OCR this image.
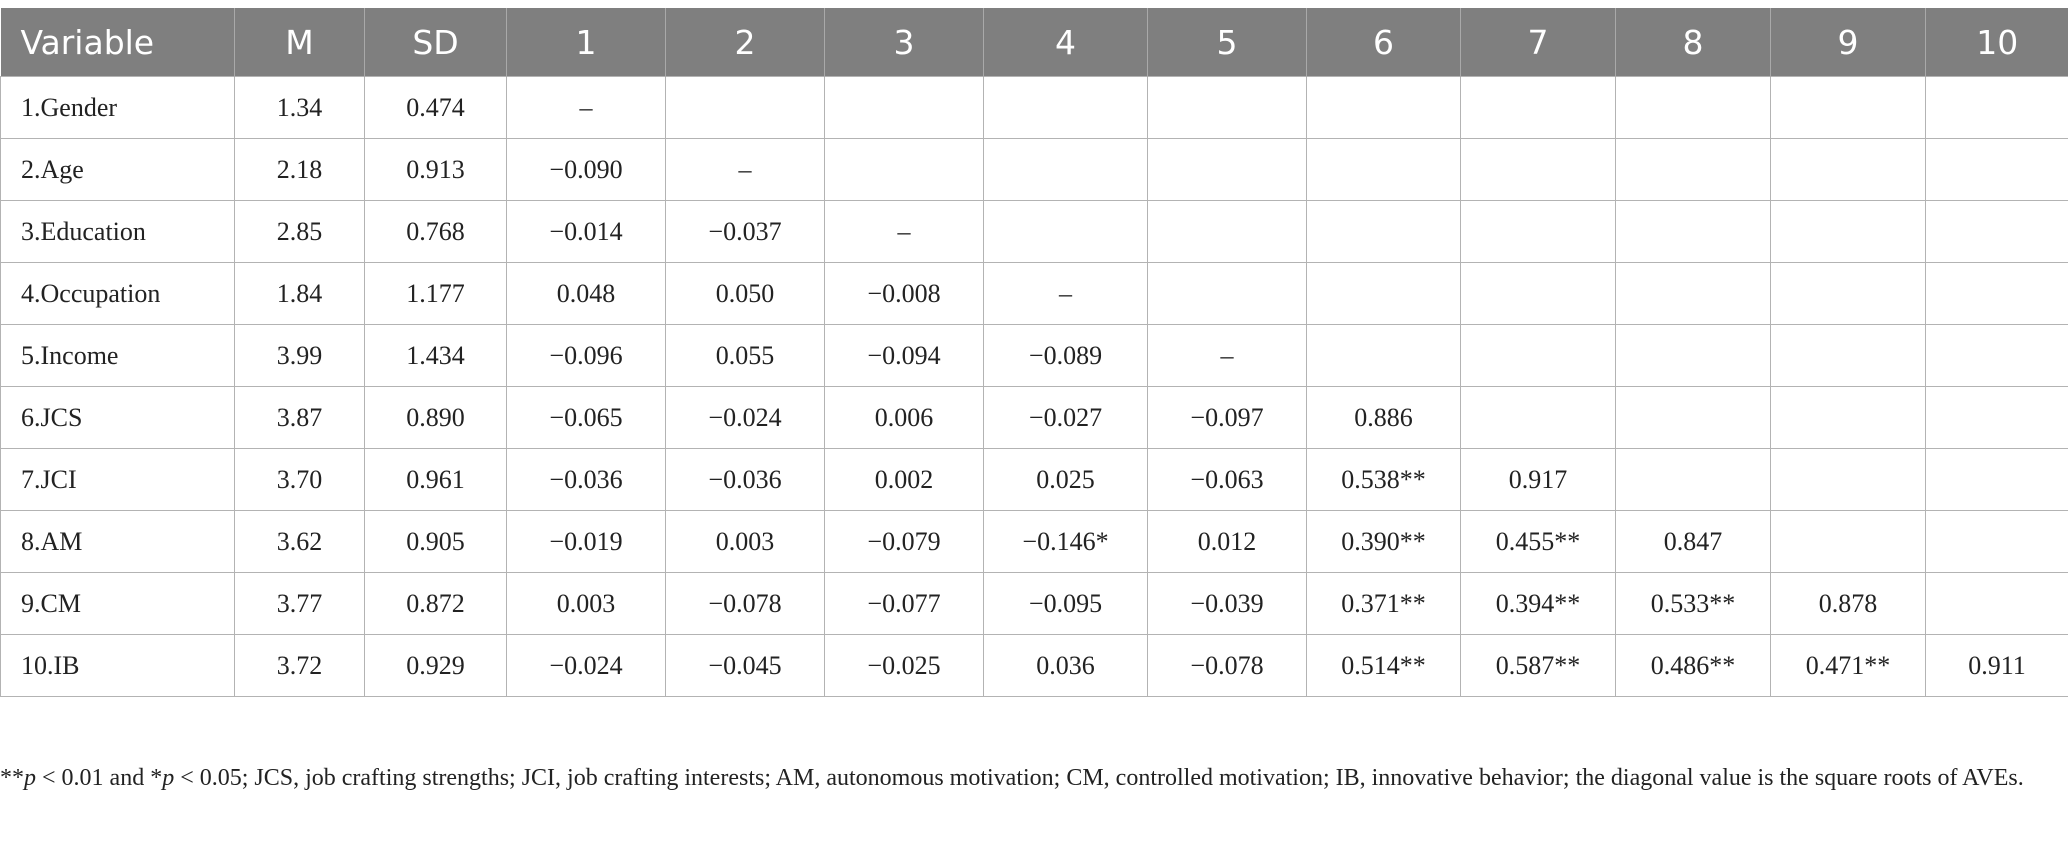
Variable	M	SD	1	2	3	4	5	6	7	8	9	10
1.Gender	1.34	0.474	–									
2.Age	2.18	0.913	−0.090	–								
3.Education	2.85	0.768	−0.014	−0.037	–							
4.Occupation	1.84	1.177	0.048	0.050	−0.008	–						
5.Income	3.99	1.434	−0.096	0.055	−0.094	−0.089	–					
6.JCS	3.87	0.890	−0.065	−0.024	0.006	−0.027	−0.097	0.886				
7.JCI	3.70	0.961	−0.036	−0.036	0.002	0.025	−0.063	0.538**	0.917			
8.AM	3.62	0.905	−0.019	0.003	−0.079	−0.146*	0.012	0.390**	0.455**	0.847		
9.CM	3.77	0.872	0.003	−0.078	−0.077	−0.095	−0.039	0.371**	0.394**	0.533**	0.878	
10.IB	3.72	0.929	−0.024	−0.045	−0.025	0.036	−0.078	0.514**	0.587**	0.486**	0.471**	0.911
**p < 0.01 and *p < 0.05; JCS, job crafting strengths; JCI, job crafting interests; AM, autonomous motivation; CM, controlled motivation; IB, innovative behavior; the diagonal value is the square roots of AVEs.
